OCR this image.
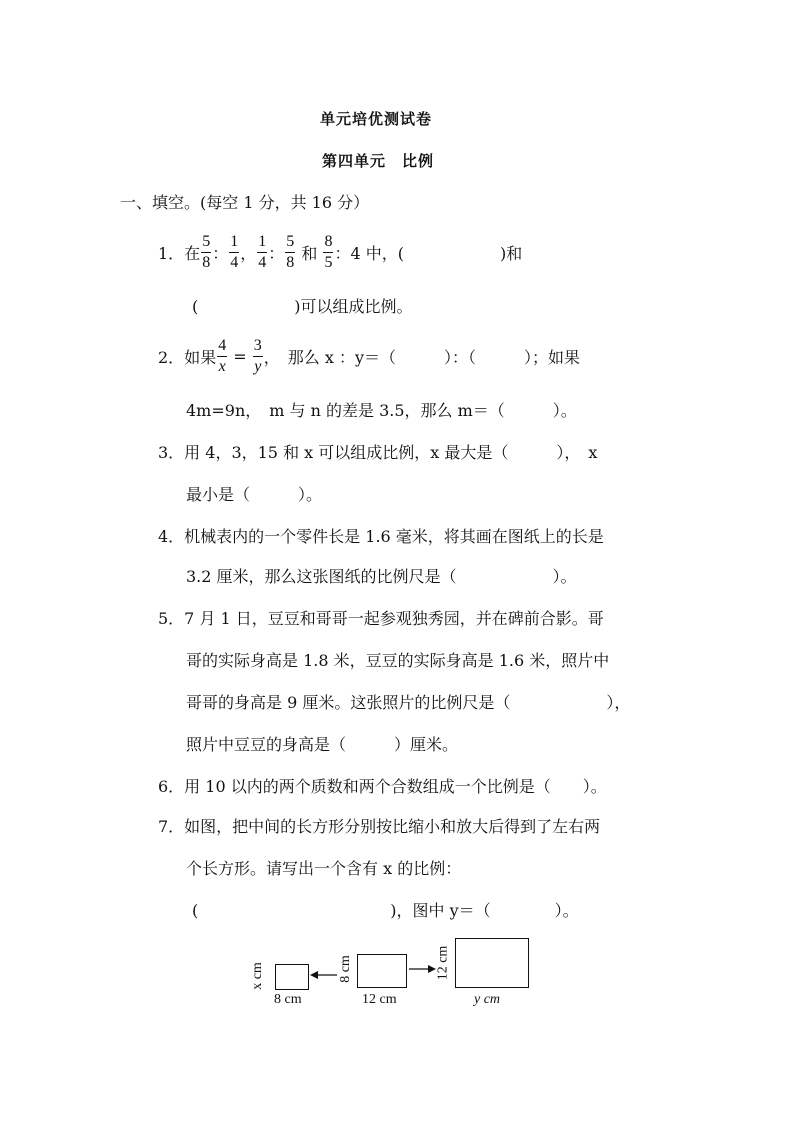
单元培优测试卷
第四单元　比例
一、填空。(每空 1 分，共 16 分）
1． 在 $\frac{5}{8}$ ： $\frac{1}{4}$ ， $\frac{1}{4}$ ： $\frac{5}{8}$ 和 $\frac{8}{5}$ ：4 中，(　　　　　　)和
(　　　　　　)可以组成比例。
2． 如果 $\frac{4}{x} = \frac{3}{y}$ ，　那么 x ：y＝（　　　）：（　　　）；如果
4m=9n，　m 与 n 的差是 3.5，那么 m＝（　　　）。
3．用 4，3，15 和 x 可以组成比例，x 最大是（　　　），　x
最小是（　　　）。
4．机械表内的一个零件长是 1.6 毫米，将其画在图纸上的长是
3.2 厘米，那么这张图纸的比例尺是（　　　　　　）。
5．7 月 1 日，豆豆和哥哥一起参观独秀园，并在碑前合影。哥
哥的实际身高是 1.8 米，豆豆的实际身高是 1.6 米，照片中
哥哥的身高是 9 厘米。这张照片的比例尺是（　　　　　　），
照片中豆豆的身高是（　　　）厘米。
6．用 10 以内的两个质数和两个合数组成一个比例是（　　）。
7．如图，把中间的长方形分别按比缩小和放大后得到了左右两
个长方形。请写出一个含有 x 的比例：
(　　　　　　　　　　　　)，图中 y＝（　　　　）。
x cm
8 cm
8 cm
12 cm
12 cm
y cm
